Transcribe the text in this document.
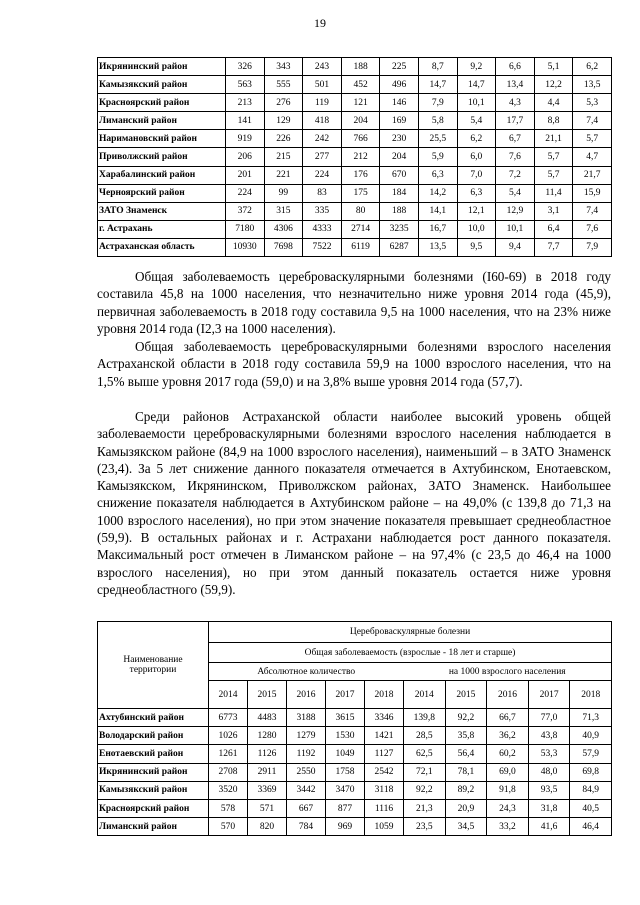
19
Икрянинский район	326	343	243	188	225	8,7	9,2	6,6	5,1	6,2
Камызякский район	563	555	501	452	496	14,7	14,7	13,4	12,2	13,5
Красноярский район	213	276	119	121	146	7,9	10,1	4,3	4,4	5,3
Лиманский район	141	129	418	204	169	5,8	5,4	17,7	8,8	7,4
Наримановский район	919	226	242	766	230	25,5	6,2	6,7	21,1	5,7
Приволжский район	206	215	277	212	204	5,9	6,0	7,6	5,7	4,7
Харабалинский район	201	221	224	176	670	6,3	7,0	7,2	5,7	21,7
Черноярский район	224	99	83	175	184	14,2	6,3	5,4	11,4	15,9
ЗАТО Знаменск	372	315	335	80	188	14,1	12,1	12,9	3,1	7,4
г. Астрахань	7180	4306	4333	2714	3235	16,7	10,0	10,1	6,4	7,6
Астраханская область	10930	7698	7522	6119	6287	13,5	9,5	9,4	7,7	7,9

Общая заболеваемость цереброваскулярными болезнями (I60-69) в 2018 году составила 45,8 на 1000 населения, что незначительно ниже уровня 2014 года (45,9), первичная заболеваемость в 2018 году составила 9,5 на 1000 населения, что на 23% ниже уровня 2014 года (I2,3 на 1000 населения).

Общая заболеваемость цереброваскулярными болезнями взрослого населения Астраханской области в 2018 году составила 59,9 на 1000 взрослого населения, что на 1,5% выше уровня 2017 года (59,0) и на 3,8% выше уровня 2014 года (57,7).

Среди районов Астраханской области наиболее высокий уровень общей заболеваемости цереброваскулярными болезнями взрослого населения наблюдается в Камызякском районе (84,9 на 1000 взрослого населения), наименьший – в ЗАТО Знаменск (23,4). За 5 лет снижение данного показателя отмечается в Ахтубинском, Енотаевском, Камызякском, Икрянинском, Приволжском районах, ЗАТО Знаменск. Наибольшее снижение показателя наблюдается в Ахтубинском районе – на 49,0% (с 139,8 до 71,3 на 1000 взрослого населения), но при этом значение показателя превышает среднеобластное (59,9). В остальных районах и г. Астрахани наблюдается рост данного показателя. Максимальный рост отмечен в Лиманском районе – на 97,4% (с 23,5 до 46,4 на 1000 взрослого населения), но при этом данный показатель остается ниже уровня среднеобластного (59,9).

Наименование территории	Цереброваскулярные болезни									
	Общая заболеваемость (взрослые - 18 лет и старше)									
	Абсолютное количество					на 1000 взрослого населения				
	2014	2015	2016	2017	2018	2014	2015	2016	2017	2018
Ахтубинский район	6773	4483	3188	3615	3346	139,8	92,2	66,7	77,0	71,3
Володарский район	1026	1280	1279	1530	1421	28,5	35,8	36,2	43,8	40,9
Енотаевский район	1261	1126	1192	1049	1127	62,5	56,4	60,2	53,3	57,9
Икрянинский район	2708	2911	2550	1758	2542	72,1	78,1	69,0	48,0	69,8
Камызякский район	3520	3369	3442	3470	3118	92,2	89,2	91,8	93,5	84,9
Красноярский район	578	571	667	877	1116	21,3	20,9	24,3	31,8	40,5
Лиманский район	570	820	784	969	1059	23,5	34,5	33,2	41,6	46,4
